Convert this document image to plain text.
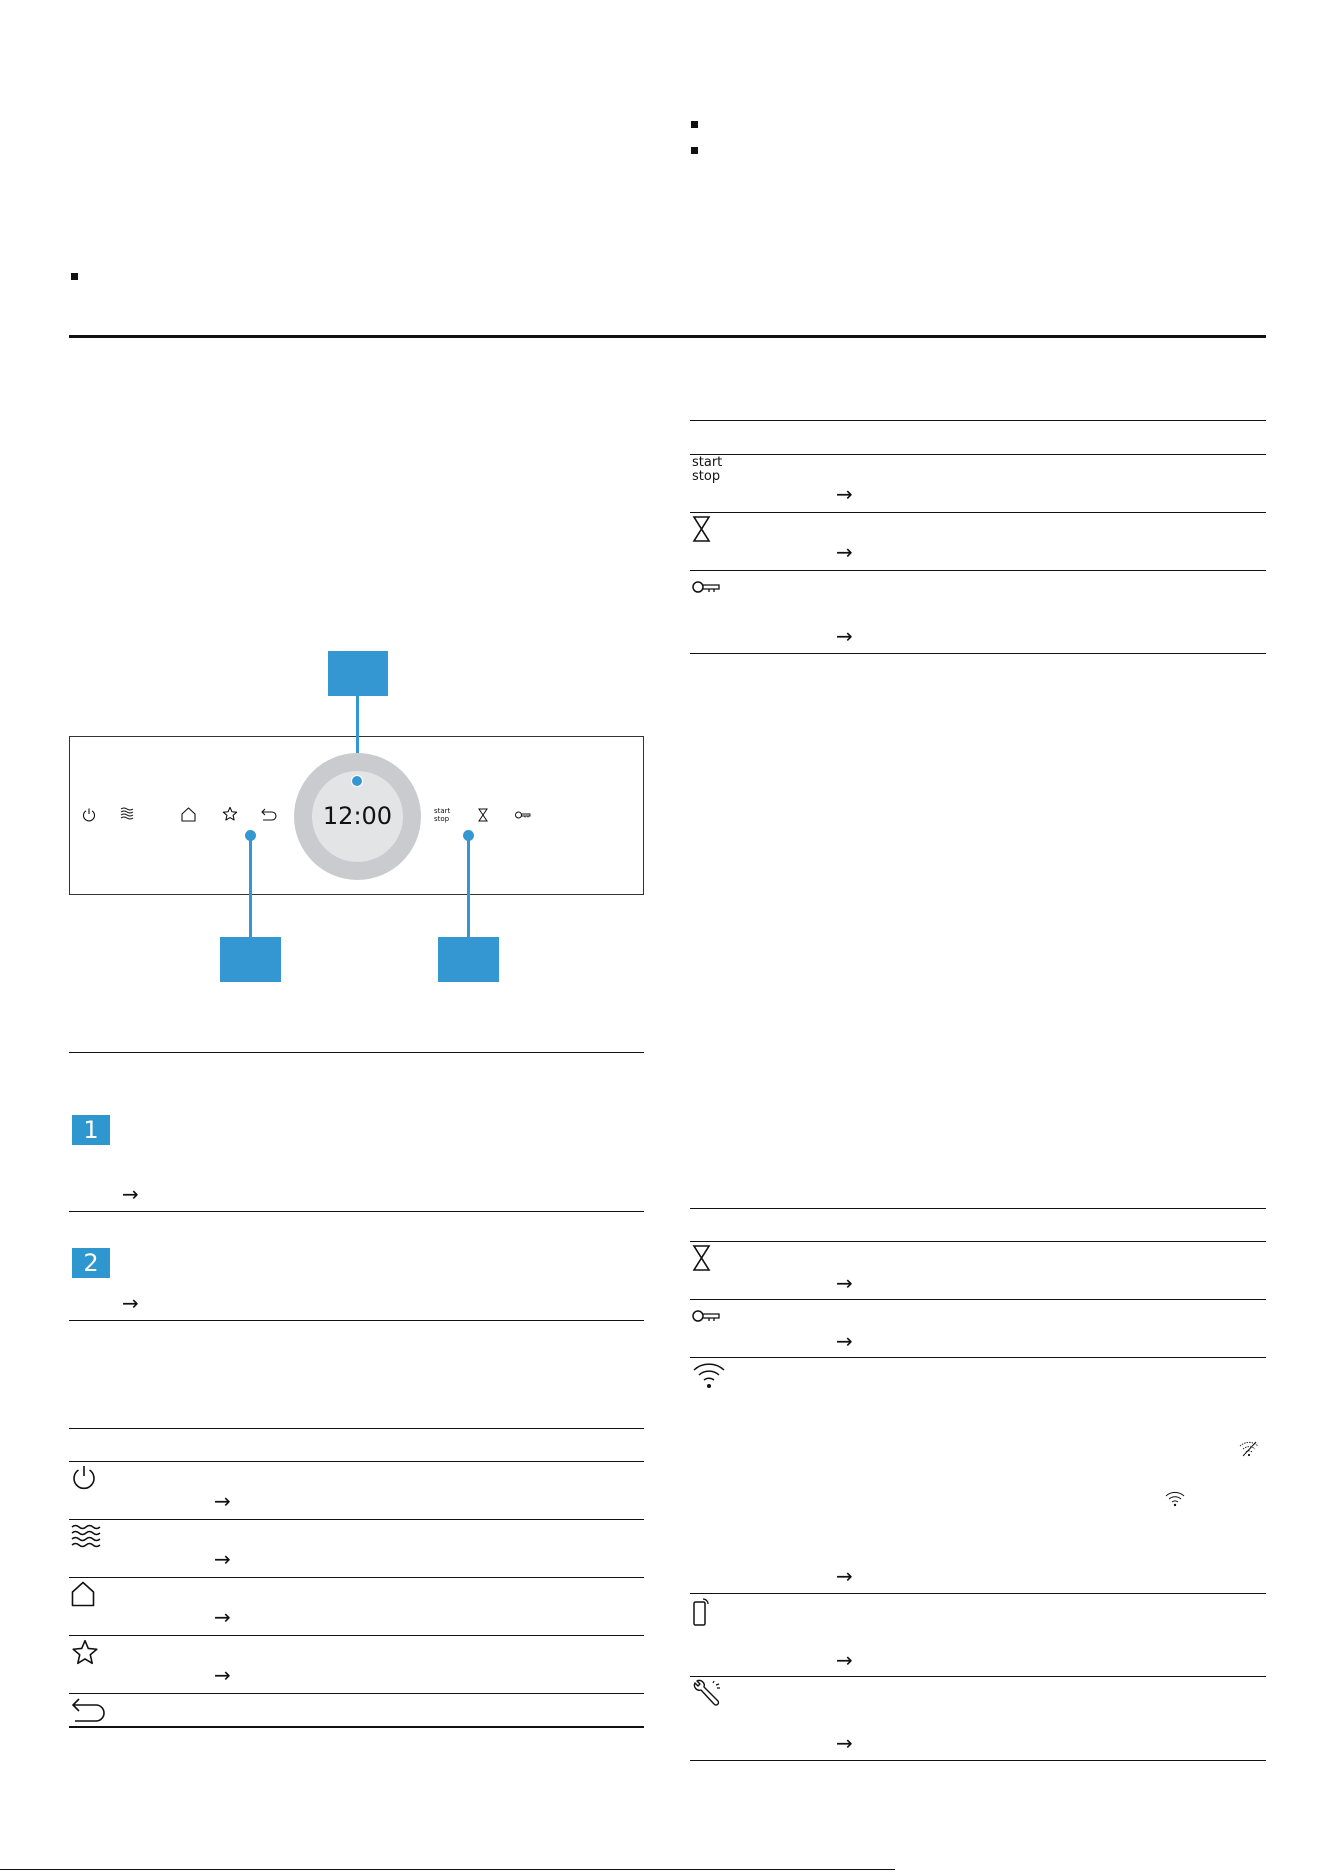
12:00	start
stop
1
→
2
→
→
→
→
→
start
stop
→
→
→
→
→
→
→
→
